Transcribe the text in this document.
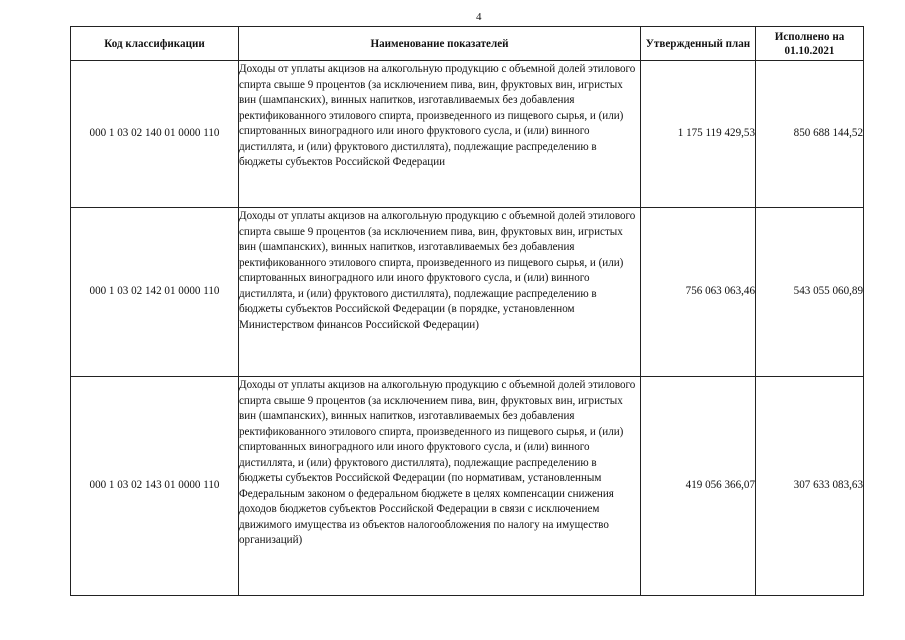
4
Код классификации	Наименование показателей	Утвержденный план	Исполнено на 01.10.2021
000 1 03 02 140 01 0000 110	Доходы от уплаты акцизов на алкогольную продукцию с объемной долей этилового спирта свыше 9 процентов (за исключением пива, вин, фруктовых вин, игристых вин (шампанских), винных напитков, изготавливаемых без добавления ректификованного этилового спирта, произведенного из пищевого сырья, и (или) спиртованных виноградного или иного фруктового сусла, и (или) винного дистиллята, и (или) фруктового дистиллята), подлежащие распределению в бюджеты субъектов Российской Федерации	1 175 119 429,53	850 688 144,52
000 1 03 02 142 01 0000 110	Доходы от уплаты акцизов на алкогольную продукцию с объемной долей этилового спирта свыше 9 процентов (за исключением пива, вин, фруктовых вин, игристых вин (шампанских), винных напитков, изготавливаемых без добавления ректификованного этилового спирта, произведенного из пищевого сырья, и (или) спиртованных виноградного или иного фруктового сусла, и (или) винного дистиллята, и (или) фруктового дистиллята), подлежащие распределению в бюджеты субъектов Российской Федерации (в порядке, установленном Министерством финансов Российской Федерации)	756 063 063,46	543 055 060,89
000 1 03 02 143 01 0000 110	Доходы от уплаты акцизов на алкогольную продукцию с объемной долей этилового спирта свыше 9 процентов (за исключением пива, вин, фруктовых вин, игристых вин (шампанских), винных напитков, изготавливаемых без добавления ректификованного этилового спирта, произведенного из пищевого сырья, и (или) спиртованных виноградного или иного фруктового сусла, и (или) винного дистиллята, и (или) фруктового дистиллята), подлежащие распределению в бюджеты субъектов Российской Федерации (по нормативам, установленным Федеральным законом о федеральном бюджете в целях компенсации снижения доходов бюджетов субъектов Российской Федерации в связи с исключением движимого имущества из объектов налогообложения по налогу на имущество организаций)	419 056 366,07	307 633 083,63
